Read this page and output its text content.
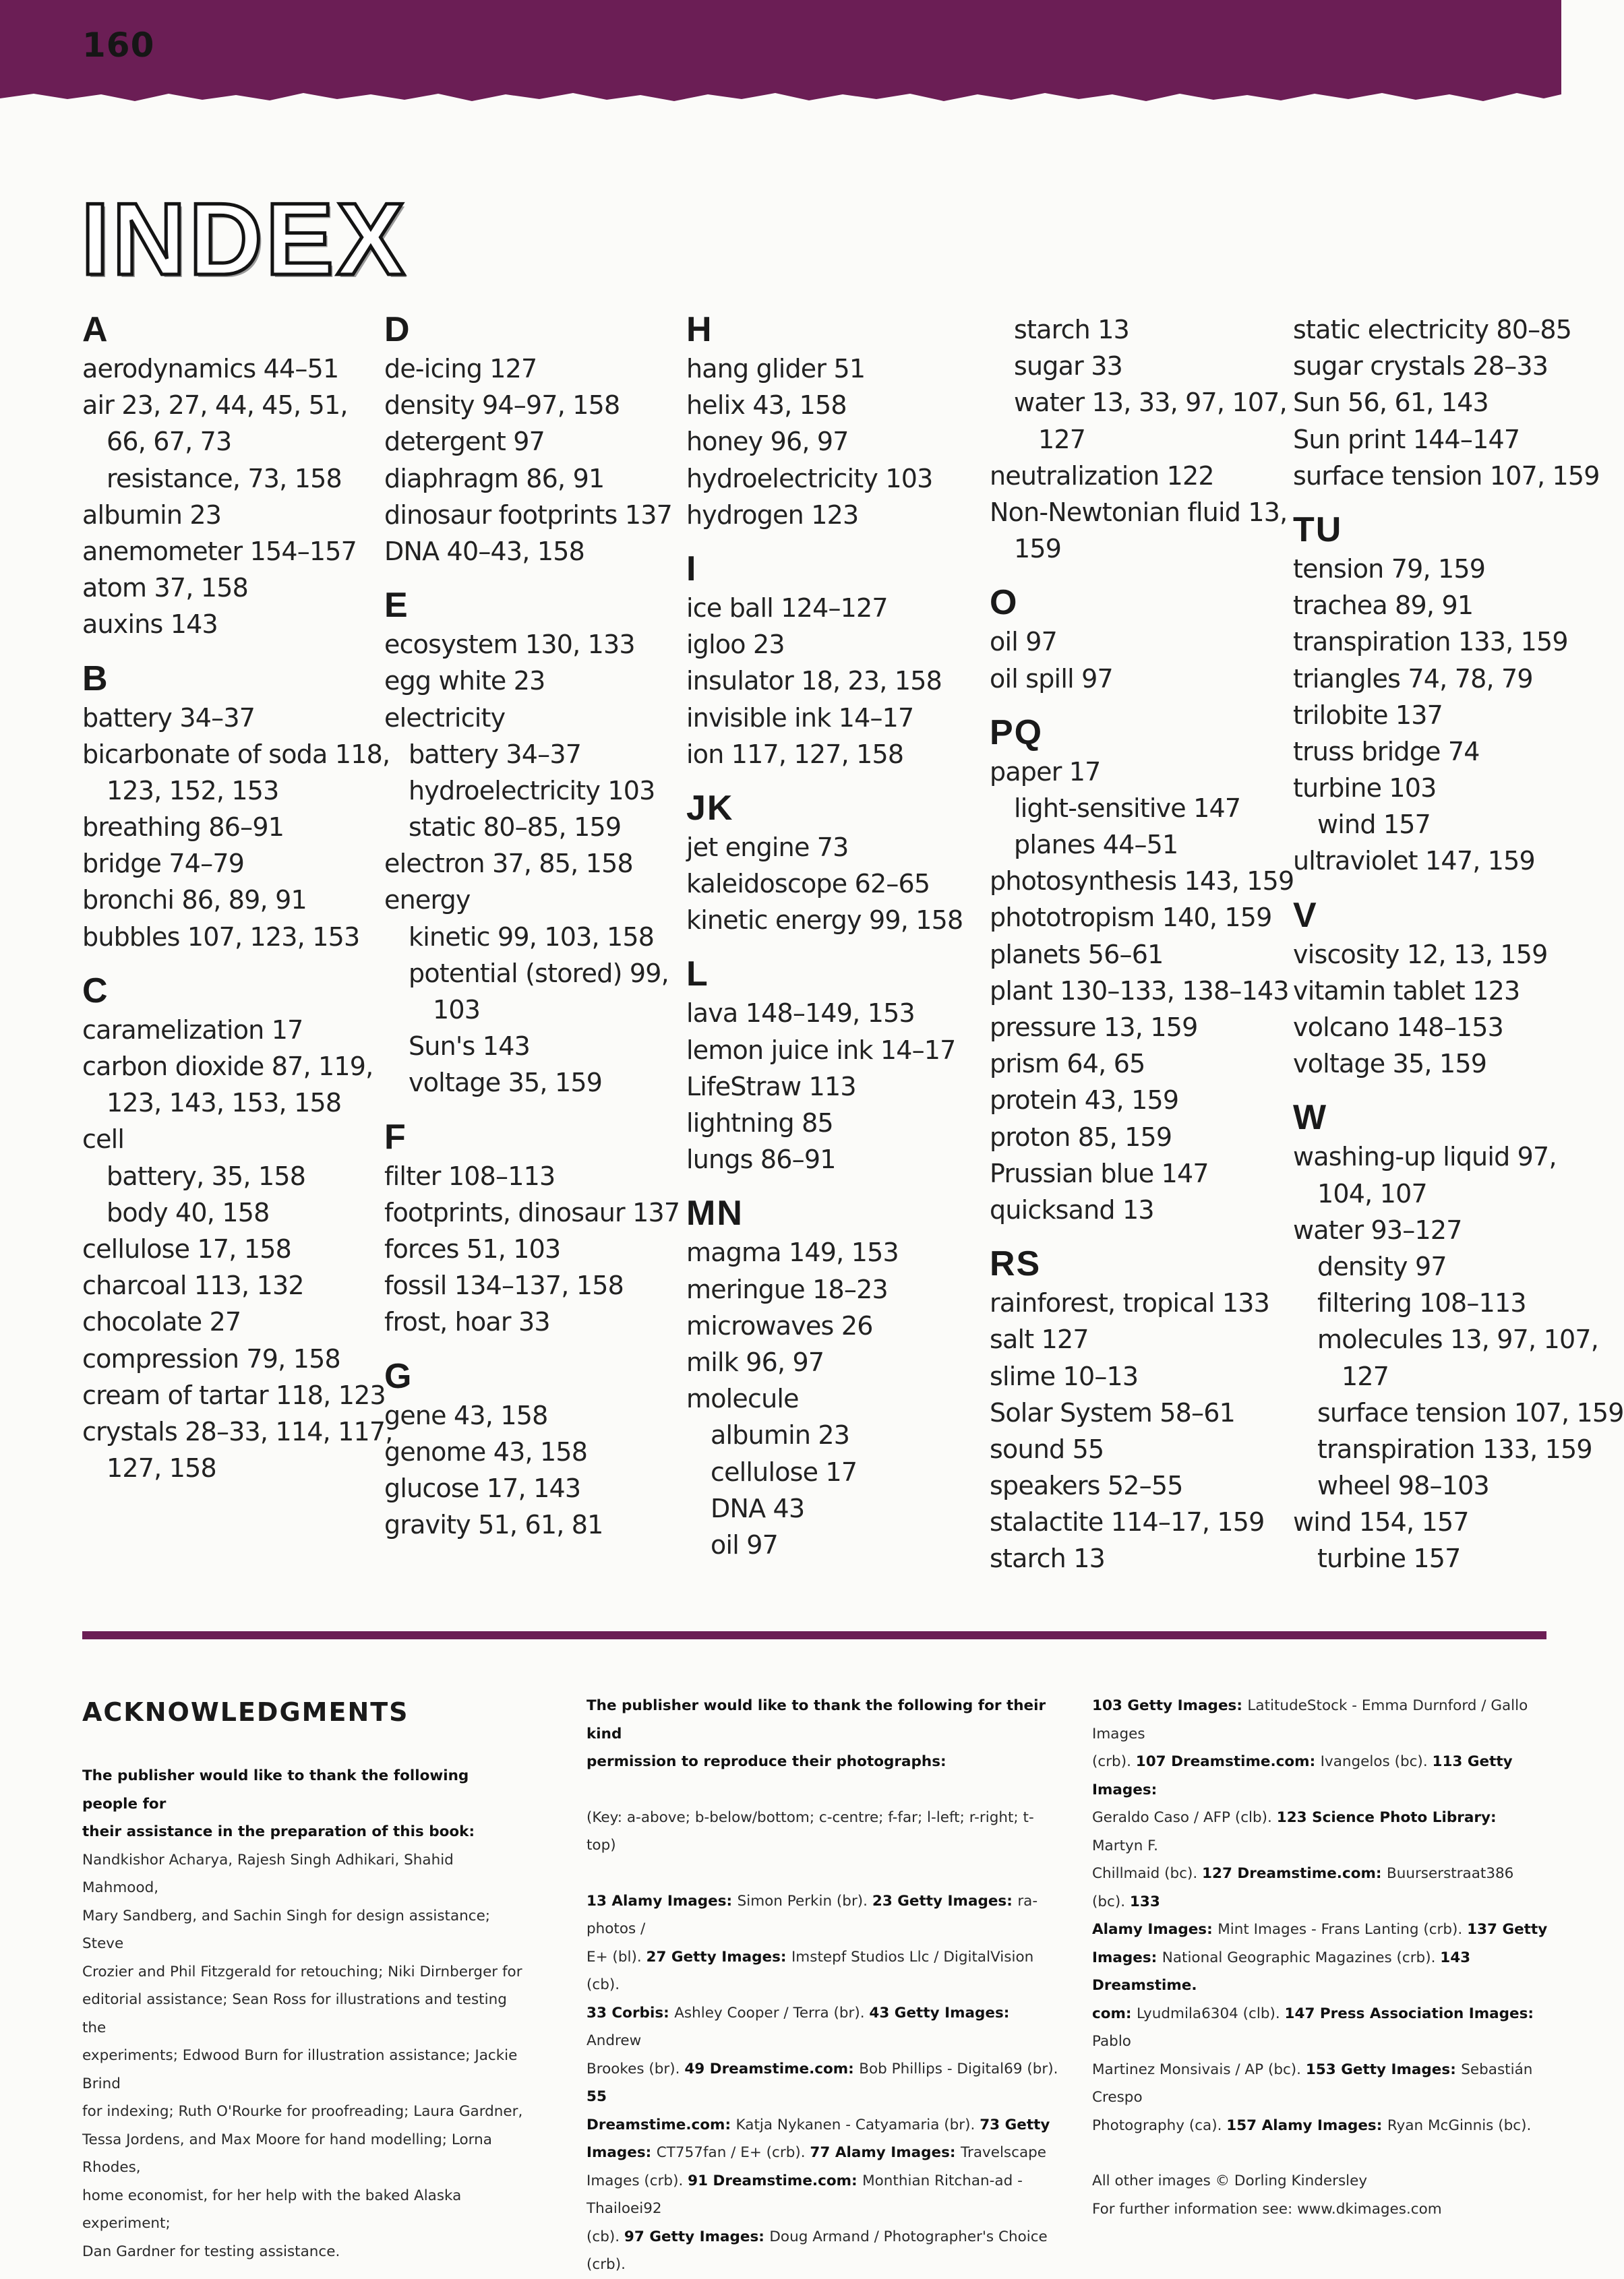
160
INDEX
A
aerodynamics 44–51
air 23, 27, 44, 45, 51,
66, 67, 73
resistance, 73, 158
albumin 23
anemometer 154–157
atom 37, 158
auxins 143
B
battery 34–37
bicarbonate of soda 118,
123, 152, 153
breathing 86–91
bridge 74–79
bronchi 86, 89, 91
bubbles 107, 123, 153
C
caramelization 17
carbon dioxide 87, 119,
123, 143, 153, 158
cell
battery, 35, 158
body 40, 158
cellulose 17, 158
charcoal 113, 132
chocolate 27
compression 79, 158
cream of tartar 118, 123
crystals 28–33, 114, 117,
127, 158
D
de-icing 127
density 94–97, 158
detergent 97
diaphragm 86, 91
dinosaur footprints 137
DNA 40–43, 158
E
ecosystem 130, 133
egg white 23
electricity
battery 34–37
hydroelectricity 103
static 80–85, 159
electron 37, 85, 158
energy
kinetic 99, 103, 158
potential (stored) 99,
103
Sun's 143
voltage 35, 159
F
filter 108–113
footprints, dinosaur 137
forces 51, 103
fossil 134–137, 158
frost, hoar 33
G
gene 43, 158
genome 43, 158
glucose 17, 143
gravity 51, 61, 81
H
hang glider 51
helix 43, 158
honey 96, 97
hydroelectricity 103
hydrogen 123
I
ice ball 124–127
igloo 23
insulator 18, 23, 158
invisible ink 14–17
ion 117, 127, 158
JK
jet engine 73
kaleidoscope 62–65
kinetic energy 99, 158
L
lava 148–149, 153
lemon juice ink 14–17
LifeStraw 113
lightning 85
lungs 86–91
MN
magma 149, 153
meringue 18–23
microwaves 26
milk 96, 97
molecule
albumin 23
cellulose 17
DNA 43
oil 97
starch 13
sugar 33
water 13, 33, 97, 107,
127
neutralization 122
Non-Newtonian fluid 13,
159
O
oil 97
oil spill 97
PQ
paper 17
light-sensitive 147
planes 44–51
photosynthesis 143, 159
phototropism 140, 159
planets 56–61
plant 130–133, 138–143
pressure 13, 159
prism 64, 65
protein 43, 159
proton 85, 159
Prussian blue 147
quicksand 13
RS
rainforest, tropical 133
salt 127
slime 10–13
Solar System 58–61
sound 55
speakers 52–55
stalactite 114–17, 159
starch 13
static electricity 80–85
sugar crystals 28–33
Sun 56, 61, 143
Sun print 144–147
surface tension 107, 159
TU
tension 79, 159
trachea 89, 91
transpiration 133, 159
triangles 74, 78, 79
trilobite 137
truss bridge 74
turbine 103
wind 157
ultraviolet 147, 159
V
viscosity 12, 13, 159
vitamin tablet 123
volcano 148–153
voltage 35, 159
W
washing-up liquid 97,
104, 107
water 93–127
density 97
filtering 108–113
molecules 13, 97, 107,
127
surface tension 107, 159
transpiration 133, 159
wheel 98–103
wind 154, 157
turbine 157
ACKNOWLEDGMENTS
The publisher would like to thank the following people for
their assistance in the preparation of this book:
Nandkishor Acharya, Rajesh Singh Adhikari, Shahid Mahmood,
Mary Sandberg, and Sachin Singh for design assistance; Steve
Crozier and Phil Fitzgerald for retouching; Niki Dirnberger for
editorial assistance; Sean Ross for illustrations and testing the
experiments; Edwood Burn for illustration assistance; Jackie Brind
for indexing; Ruth O'Rourke for proofreading; Laura Gardner,
Tessa Jordens, and Max Moore for hand modelling; Lorna Rhodes,
home economist, for her help with the baked Alaska experiment;
Dan Gardner for testing assistance.
The publisher would like to thank the following for their kind
permission to reproduce their photographs:
(Key: a-above; b-below/bottom; c-centre; f-far; l-left; r-right; t-top)
13 Alamy Images: Simon Perkin (br). 23 Getty Images: ra-photos /
E+ (bl). 27 Getty Images: Imstepf Studios Llc / DigitalVision (cb).
33 Corbis: Ashley Cooper / Terra (br). 43 Getty Images: Andrew
Brookes (br). 49 Dreamstime.com: Bob Phillips - Digital69 (br). 55
Dreamstime.com: Katja Nykanen - Catyamaria (br). 73 Getty
Images: CT757fan / E+ (crb). 77 Alamy Images: Travelscape
Images (crb). 91 Dreamstime.com: Monthian Ritchan-ad - Thailoei92
(cb). 97 Getty Images: Doug Armand / Photographer's Choice (crb).
103 Getty Images: LatitudeStock - Emma Durnford / Gallo Images
(crb). 107 Dreamstime.com: Ivangelos (bc). 113 Getty Images:
Geraldo Caso / AFP (clb). 123 Science Photo Library: Martyn F.
Chillmaid (bc). 127 Dreamstime.com: Buurserstraat386 (bc). 133
Alamy Images: Mint Images - Frans Lanting (crb). 137 Getty
Images: National Geographic Magazines (crb). 143 Dreamstime.
com: Lyudmila6304 (clb). 147 Press Association Images: Pablo
Martinez Monsivais / AP (bc). 153 Getty Images: Sebastián Crespo
Photography (ca). 157 Alamy Images: Ryan McGinnis (bc).
All other images © Dorling Kindersley
For further information see: www.dkimages.com
